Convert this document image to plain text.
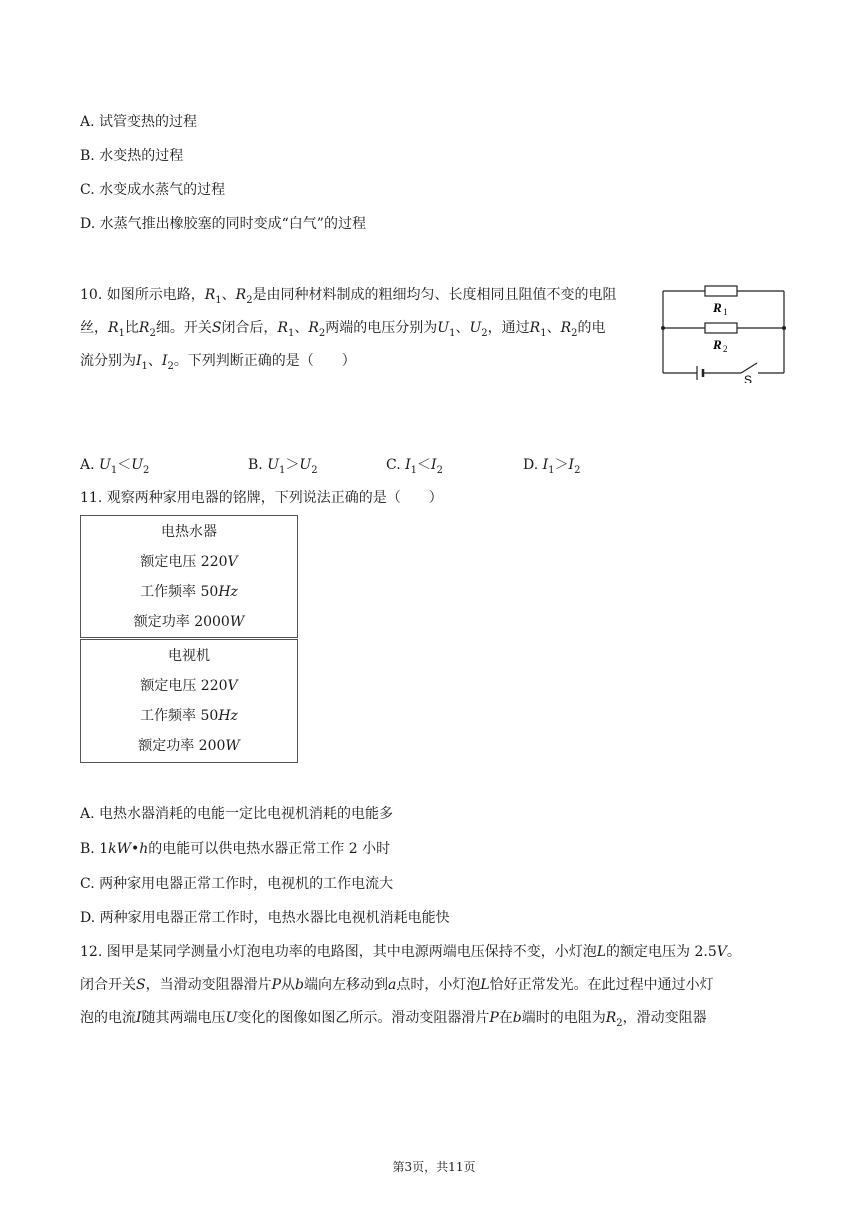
A. 试管变热的过程
B. 水变热的过程
C. 水变成水蒸气的过程
D. 水蒸气推出橡胶塞的同时变成“白气”的过程
10. 如图所示电路，$R_1$、$R_2$是由同种材料制成的粗细均匀、长度相同且阻值不变的电阻
丝，$R_1$比$R_2$细。开关S闭合后，$R_1$、$R_2$两端的电压分别为$U_1$、$U_2$，通过$R_1$、$R_2$的电
流分别为$I_1$、$I_2$。下列判断正确的是（　　）
R 1
R 2
S
A. $U_1<U_2$	B. $U_1>U_2$	C. $I_1<I_2$	D. $I_1>I_2$
11. 观察两种家用电器的铭牌，下列说法正确的是（　　）
电热水器
额定电压 220V
工作频率 50Hz
额定功率 2000W
电视机
额定电压 220V
工作频率 50Hz
额定功率 200W
A. 电热水器消耗的电能一定比电视机消耗的电能多
B. 1kW•h的电能可以供电热水器正常工作 2 小时
C. 两种家用电器正常工作时，电视机的工作电流大
D. 两种家用电器正常工作时，电热水器比电视机消耗电能快
12. 图甲是某同学测量小灯泡电功率的电路图，其中电源两端电压保持不变，小灯泡L的额定电压为 2.5V。
闭合开关S，当滑动变阻器滑片P从b端向左移动到a点时，小灯泡L恰好正常发光。在此过程中通过小灯
泡的电流I随其两端电压U变化的图像如图乙所示。滑动变阻器滑片P在b端时的电阻为$R_2$，滑动变阻器
第3页，共11页
